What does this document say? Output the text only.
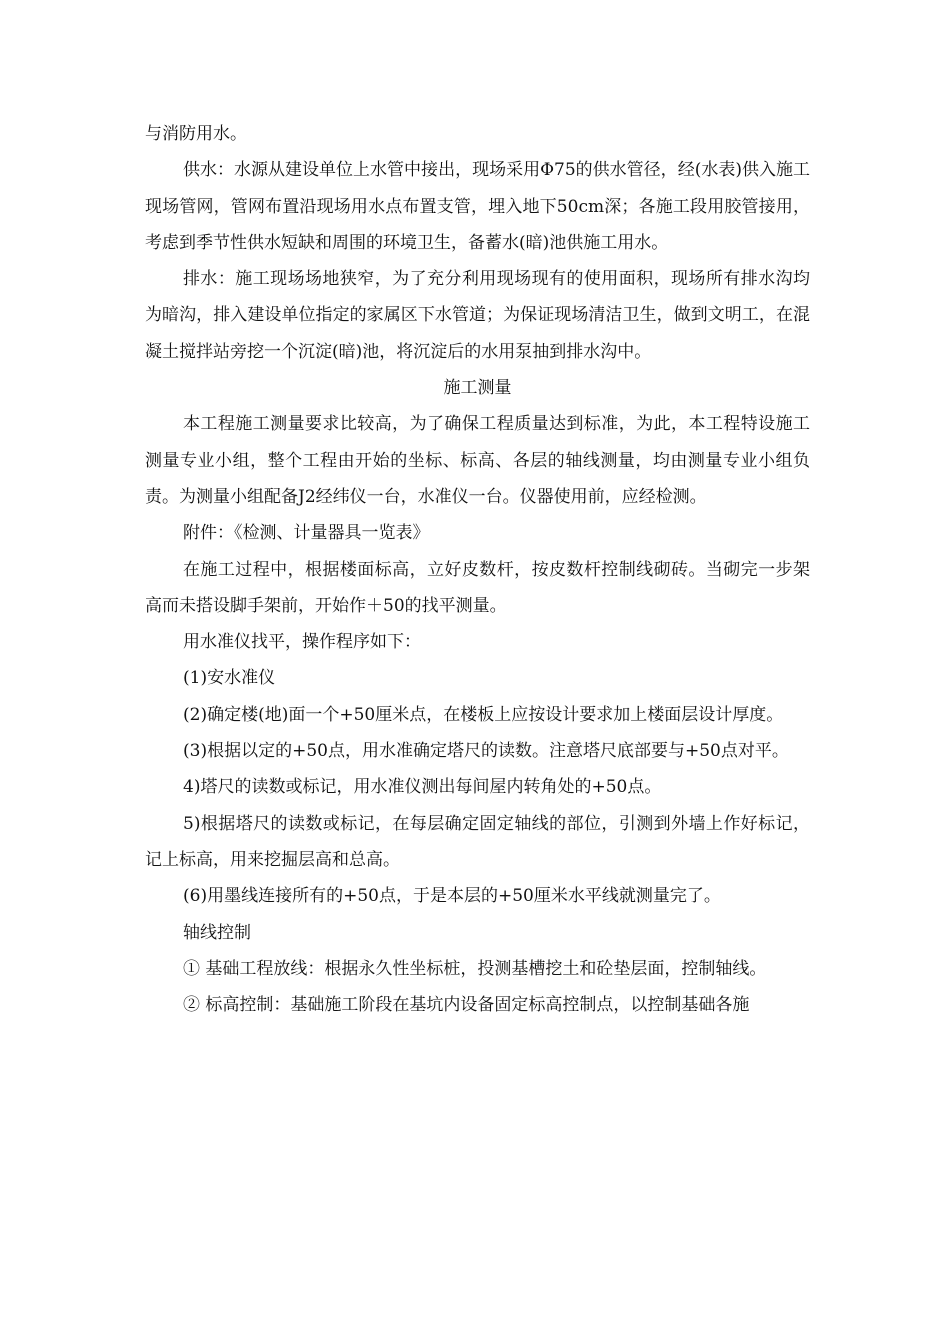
与消防用水。

供水：水源从建设单位上水管中接出，现场采用Φ75的供水管径，经(水表)供入施工现场管网，管网布置沿现场用水点布置支管，埋入地下50cm深；各施工段用胶管接用，考虑到季节性供水短缺和周围的环境卫生，备蓄水(暗)池供施工用水。

排水：施工现场场地狭窄，为了充分利用现场现有的使用面积，现场所有排水沟均为暗沟，排入建设单位指定的家属区下水管道；为保证现场清洁卫生，做到文明工，在混凝土搅拌站旁挖一个沉淀(暗)池，将沉淀后的水用泵抽到排水沟中。

施工测量

本工程施工测量要求比较高，为了确保工程质量达到标准，为此，本工程特设施工测量专业小组，整个工程由开始的坐标、标高、各层的轴线测量，均由测量专业小组负责。为测量小组配备J2经纬仪一台，水准仪一台。仪器使用前，应经检测。

附件：《检测、计量器具一览表》

在施工过程中，根据楼面标高，立好皮数杆，按皮数杆控制线砌砖。当砌完一步架高而未搭设脚手架前，开始作＋50的找平测量。

用水准仪找平，操作程序如下：

(1)安水准仪

(2)确定楼(地)面一个+50厘米点，在楼板上应按设计要求加上楼面层设计厚度。

(3)根据以定的+50点，用水准确定塔尺的读数。注意塔尺底部要与+50点对平。

4)塔尺的读数或标记，用水准仪测出每间屋内转角处的+50点。

5)根据塔尺的读数或标记，在每层确定固定轴线的部位，引测到外墙上作好标记，记上标高，用来挖掘层高和总高。

(6)用墨线连接所有的+50点，于是本层的+50厘米水平线就测量完了。

轴线控制

① 基础工程放线：根据永久性坐标桩，投测基槽挖土和砼垫层面，控制轴线。

② 标高控制：基础施工阶段在基坑内设备固定标高控制点，以控制基础各施
